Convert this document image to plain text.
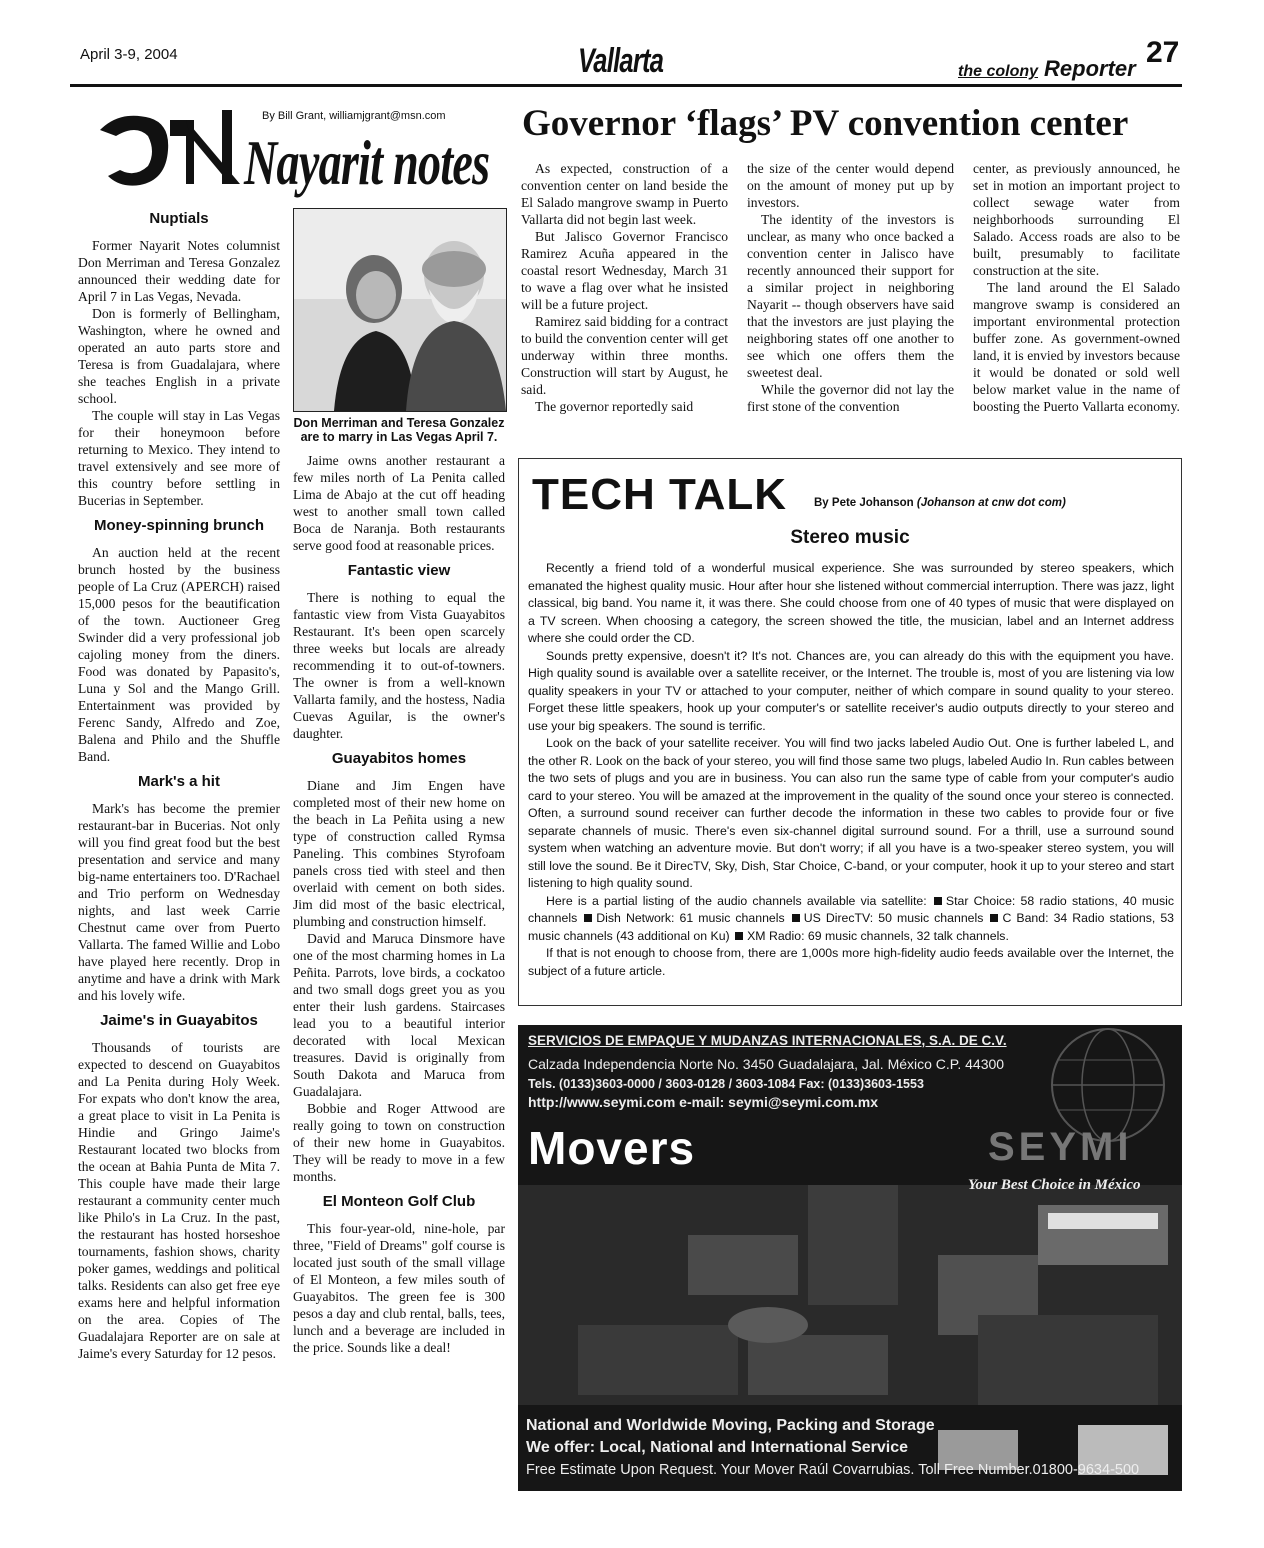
April 3-9, 2004	Vallarta	the colony Reporter 27
By Bill Grant, williamjgrant@msn.com
Nayarit notes
Nuptials

Former Nayarit Notes columnist Don Merriman and Teresa Gonzalez announced their wedding date for April 7 in Las Vegas, Nevada.

Don is formerly of Bellingham, Washington, where he owned and operated an auto parts store and Teresa is from Guadalajara, where she teaches English in a private school.

The couple will stay in Las Vegas for their honeymoon before returning to Mexico. They intend to travel extensively and see more of this country before settling in Bucerias in September.

Money-spinning brunch

An auction held at the recent brunch hosted by the business people of La Cruz (APERCH) raised 15,000 pesos for the beautification of the town. Auctioneer Greg Swinder did a very professional job cajoling money from the diners. Food was donated by Papasito's, Luna y Sol and the Mango Grill. Entertainment was provided by Ferenc Sandy, Alfredo and Zoe, Balena and Philo and the Shuffle Band.

Mark's a hit

Mark's has become the premier restaurant-bar in Bucerias. Not only will you find great food but the best presentation and service and many big-name entertainers too. D'Rachael and Trio perform on Wednesday nights, and last week Carrie Chestnut came over from Puerto Vallarta. The famed Willie and Lobo have played here recently. Drop in anytime and have a drink with Mark and his lovely wife.

Jaime's in Guayabitos

Thousands of tourists are expected to descend on Guayabitos and La Penita during Holy Week. For expats who don't know the area, a great place to visit in La Penita is Hindie and Gringo Jaime's Restaurant located two blocks from the ocean at Bahia Punta de Mita 7. This couple have made their large restaurant a community center much like Philo's in La Cruz. In the past, the restaurant has hosted horseshoe tournaments, fashion shows, charity poker games, weddings and political talks. Residents can also get free eye exams here and helpful information on the area. Copies of The Guadalajara Reporter are on sale at Jaime's every Saturday for 12 pesos.

Don Merriman and Teresa Gonzalez are to marry in Las Vegas April 7.

Jaime owns another restaurant a few miles north of La Penita called Lima de Abajo at the cut off heading west to another small town called Boca de Naranja. Both restaurants serve good food at reasonable prices.

Fantastic view

There is nothing to equal the fantastic view from Vista Guayabitos Restaurant. It's been open scarcely three weeks but locals are already recommending it to out-of-towners. The owner is from a well-known Vallarta family, and the hostess, Nadia Cuevas Aguilar, is the owner's daughter.

Guayabitos homes

Diane and Jim Engen have completed most of their new home on the beach in La Peñita using a new type of construction called Rymsa Paneling. This combines Styrofoam panels cross tied with steel and then overlaid with cement on both sides. Jim did most of the basic electrical, plumbing and construction himself.

David and Maruca Dinsmore have one of the most charming homes in La Peñita. Parrots, love birds, a cockatoo and two small dogs greet you as you enter their lush gardens. Staircases lead you to a beautiful interior decorated with local Mexican treasures. David is originally from South Dakota and Maruca from Guadalajara.

Bobbie and Roger Attwood are really going to town on construction of their new home in Guayabitos. They will be ready to move in a few months.

El Monteon Golf Club

This four-year-old, nine-hole, par three, "Field of Dreams" golf course is located just south of the small village of El Monteon, a few miles south of Guayabitos. The green fee is 300 pesos a day and club rental, balls, tees, lunch and a beverage are included in the price. Sounds like a deal!

Governor ‘flags’ PV convention center

As expected, construction of a convention center on land beside the El Salado mangrove swamp in Puerto Vallarta did not begin last week.

But Jalisco Governor Francisco Ramirez Acuña appeared in the coastal resort Wednesday, March 31 to wave a flag over what he insisted will be a future project.

Ramirez said bidding for a contract to build the convention center will get underway within three months. Construction will start by August, he said.

The governor reportedly said

the size of the center would depend on the amount of money put up by investors.

The identity of the investors is unclear, as many who once backed a convention center in Jalisco have recently announced their support for a similar project in neighboring Nayarit -- though observers have said that the investors are just playing the neighboring states off one another to see which one offers them the sweetest deal.

While the governor did not lay the first stone of the convention

center, as previously announced, he set in motion an important project to collect sewage water from neighborhoods surrounding El Salado. Access roads are also to be built, presumably to facilitate construction at the site.

The land around the El Salado mangrove swamp is considered an important environmental protection buffer zone. As government-owned land, it is envied by investors because it would be donated or sold well below market value in the name of boosting the Puerto Vallarta economy.

TECH TALK By Pete Johanson (Johanson at cnw dot com)
Stereo music

Recently a friend told of a wonderful musical experience. She was surrounded by stereo speakers, which emanated the highest quality music. Hour after hour she listened without commercial interruption. There was jazz, light classical, big band. You name it, it was there. She could choose from one of 40 types of music that were displayed on a TV screen. When choosing a category, the screen showed the title, the musician, label and an Internet address where she could order the CD.

Sounds pretty expensive, doesn't it? It's not. Chances are, you can already do this with the equipment you have. High quality sound is available over a satellite receiver, or the Internet. The trouble is, most of you are listening via low quality speakers in your TV or attached to your computer, neither of which compare in sound quality to your stereo. Forget these little speakers, hook up your computer's or satellite receiver's audio outputs directly to your stereo and use your big speakers. The sound is terrific.

Look on the back of your satellite receiver. You will find two jacks labeled Audio Out. One is further labeled L, and the other R. Look on the back of your stereo, you will find those same two plugs, labeled Audio In. Run cables between the two sets of plugs and you are in business. You can also run the same type of cable from your computer's audio card to your stereo. You will be amazed at the improvement in the quality of the sound once your stereo is connected. Often, a surround sound receiver can further decode the information in these two cables to provide four or five separate channels of music. There's even six-channel digital surround sound. For a thrill, use a surround sound system when watching an adventure movie. But don't worry; if all you have is a two-speaker stereo system, you will still love the sound. Be it DirecTV, Sky, Dish, Star Choice, C-band, or your computer, hook it up to your stereo and start listening to high quality sound.

Here is a partial listing of the audio channels available via satellite: Star Choice: 58 radio stations, 40 music channels Dish Network: 61 music channels US DirecTV: 50 music channels C Band: 34 Radio stations, 53 music channels (43 additional on Ku) XM Radio: 69 music channels, 32 talk channels.

If that is not enough to choose from, there are 1,000s more high-fidelity audio feeds available over the Internet, the subject of a future article.

SERVICIOS DE EMPAQUE Y MUDANZAS INTERNACIONALES, S.A. DE C.V.
Calzada Independencia Norte No. 3450 Guadalajara, Jal. México C.P. 44300
Tels. (0133)3603-0000 / 3603-0128 / 3603-1084 Fax: (0133)3603-1553
http://www.seymi.com e-mail: seymi@seymi.com.mx
Movers	SEYMI
Your Best Choice in México
National and Worldwide Moving, Packing and Storage
We offer: Local, National and International Service
Free Estimate Upon Request. Your Mover Raúl Covarrubias. Toll Free Number.01800-9634-500
